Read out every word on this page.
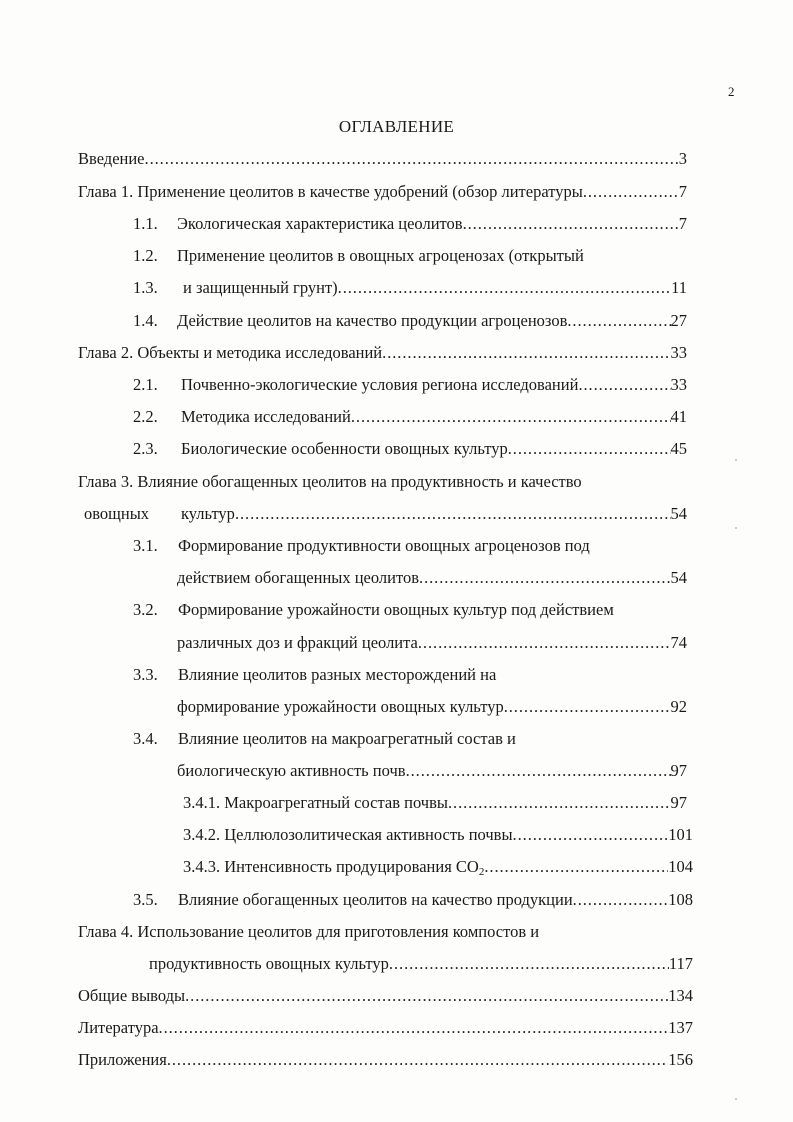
2
ОГЛАВЛЕНИЕ
Введение . . .	3
Глава 1. Применение цеолитов в качестве удобрений (обзор литературы . . .	7
1.1. Экологическая характеристика цеолитов . . .	7
1.2. Применение цеолитов в овощных агроценозах (открытый
1.3. и защищенный грунт) . . .	11
1.4. Действие цеолитов на качество продукции агроценозов . . .	27
Глава 2. Объекты и методика исследований . . .	33
2.1. Почвенно-экологические условия региона исследований . . .	33
2.2. Методика исследований . . .	41
2.3. Биологические особенности овощных культур . . .	45
Глава 3. Влияние обогащенных цеолитов на продуктивность и качество
овощных культур . . .	54
3.1. Формирование продуктивности овощных агроценозов под
действием обогащенных цеолитов . . .	54
3.2. Формирование урожайности овощных культур под действием
различных доз и фракций цеолита . . .	74
3.3. Влияние цеолитов разных месторождений на
формирование урожайности овощных культур . . .	92
3.4. Влияние цеолитов на макроагрегатный состав и
биологическую активность почв . . .	97
3.4.1. Макроагрегатный состав почвы . . .	97
3.4.2. Целлюлозолитическая активность почвы . . .	101
3.4.3. Интенсивность продуцирования $CO_2$ . . .	104
3.5. Влияние обогащенных цеолитов на качество продукции . . .	108
Глава 4. Использование цеолитов для приготовления компостов и
продуктивность овощных культур . . .	117
Общие выводы . . .	134
Литература . . .	137
Приложения . . .	156
